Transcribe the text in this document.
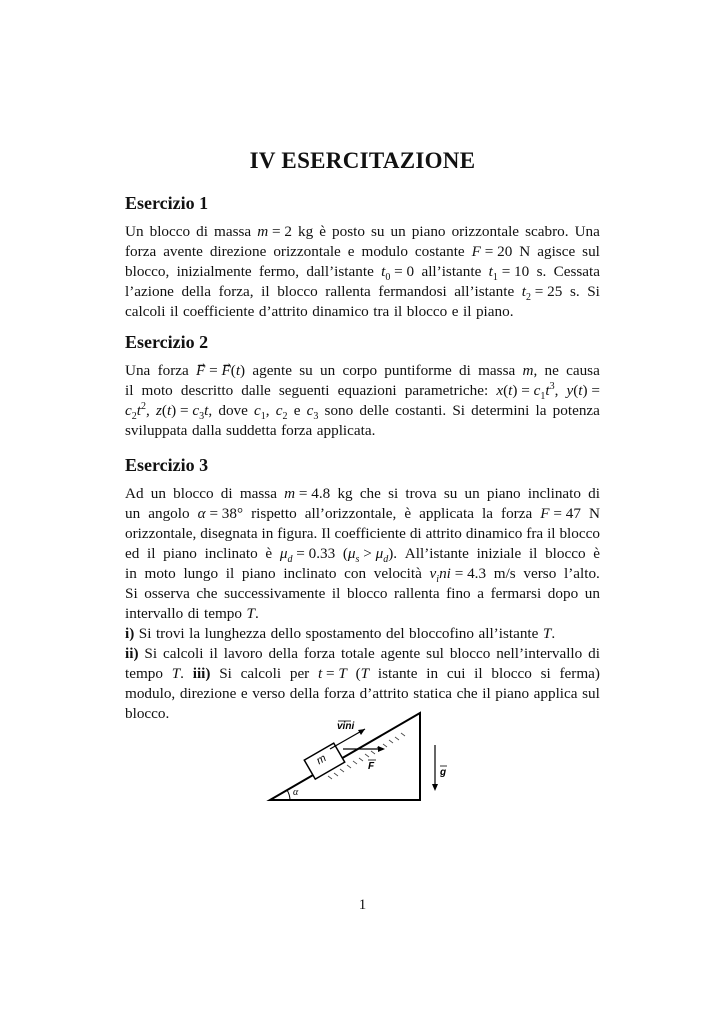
IV ESERCITAZIONE
Esercizio 1
Un blocco di massa m = 2 kg è posto su un piano orizzontale scabro. Una
forza avente direzione orizzontale e modulo costante F = 20 N agisce sul
blocco, inizialmente fermo, dall’istante $t_0 = 0$ all’istante $t_1 = 10$ s. Cessata
l’azione della forza, il blocco rallenta fermandosi all’istante $t_2 = 25$ s. Si
calcoli il coefficiente d’attrito dinamico tra il blocco e il piano.
Esercizio 2
Una forza F⃗ = F⃗(t) agente su un corpo puntiforme di massa m, ne causa
il moto descritto dalle seguenti equazioni parametriche: $x(t) = c_1t^3$, y(t) =
$c_2t^2$, $z(t) = c_3t$, dove $c_1$, $c_2$ e $c_3$ sono delle costanti. Si determini la potenza
sviluppata dalla suddetta forza applicata.
Esercizio 3
Ad un blocco di massa m = 4.8 kg che si trova su un piano inclinato di
un angolo α = 38° rispetto all’orizzontale, è applicata la forza F = 47 N
orizzontale, disegnata in figura. Il coefficiente di attrito dinamico fra il blocco
ed il piano inclinato è $\mu_d = 0.33$ $(\mu_s > \mu_d)$. All’istante iniziale il blocco è
in moto lungo il piano inclinato con velocità $v_ini = 4.3$ m/s verso l’alto.
Si osserva che successivamente il blocco rallenta fino a fermarsi dopo un
intervallo di tempo T.
i) Si trovi la lunghezza dello spostamento del bloccofino all’istante T.
ii) Si calcoli il lavoro della forza totale agente sul blocco nell’intervallo di
tempo T. iii) Si calcoli per t = T (T istante in cui il blocco si ferma)
modulo, direzione e verso della forza d’attrito statica che il piano applica sul
blocco.
m
vini
F
g
α
1
